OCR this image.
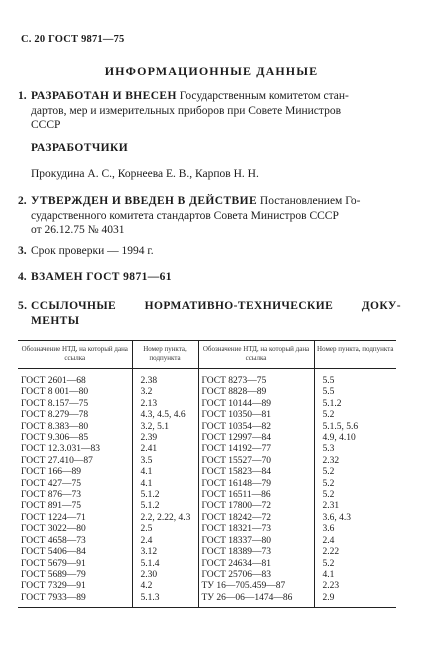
С. 20 ГОСТ 9871—75
ИНФОРМАЦИОННЫЕ ДАННЫЕ
1. РАЗРАБОТАН И ВНЕСЕН Государственным комитетом стан-
дартов, мер и измерительных приборов при Совете Министров
СССР
РАЗРАБОТЧИКИ
Прокудина А. С., Корнеева Е. В., Карпов Н. Н.
2. УТВЕРЖДЕН И ВВЕДЕН В ДЕЙСТВИЕ Постановлением Го-
сударственного комитета стандартов Совета Министров СССР
от 26.12.75 № 4031
3. Срок проверки — 1994 г.
4. ВЗАМЕН ГОСТ 9871—61
5. ССЫЛОЧНЫЕ НОРМАТИВНО-ТЕХНИЧЕСКИЕ ДОКУ-
МЕНТЫ
Обозначение НТД, на который дана ссылка	Номер пункта, подпункта	Обозначение НТД, на который дана ссылка	Номер пункта, подпункта
ГОСТ 2601—68	2.38	ГОСТ 8273—75	5.5
ГОСТ 8 001—80	3.2	ГОСТ 8828—89	5.5
ГОСТ 8.157—75	2.13	ГОСТ 10144—89	5.1.2
ГОСТ 8.279—78	4.3, 4.5, 4.6	ГОСТ 10350—81	5.2
ГОСТ 8.383—80	3.2, 5.1	ГОСТ 10354—82	5.1.5, 5.6
ГОСТ 9.306—85	2.39	ГОСТ 12997—84	4.9, 4.10
ГОСТ 12.3.031—83	2.41	ГОСТ 14192—77	5.3
ГОСТ 27.410—87	3.5	ГОСТ 15527—70	2.32
ГОСТ 166—89	4.1	ГОСТ 15823—84	5.2
ГОСТ 427—75	4.1	ГОСТ 16148—79	5.2
ГОСТ 876—73	5.1.2	ГОСТ 16511—86	5.2
ГОСТ 891—75	5.1.2	ГОСТ 17800—72	2.31
ГОСТ 1224—71	2.2, 2.22, 4.3	ГОСТ 18242—72	3.6, 4.3
ГОСТ 3022—80	2.5	ГОСТ 18321—73	3.6
ГОСТ 4658—73	2.4	ГОСТ 18337—80	2.4
ГОСТ 5406—84	3.12	ГОСТ 18389—73	2.22
ГОСТ 5679—91	5.1.4	ГОСТ 24634—81	5.2
ГОСТ 5689—79	2.30	ГОСТ 25706—83	4.1
ГОСТ 7329—91	4.2	ТУ 16—705.459—87	2.23
ГОСТ 7933—89	5.1.3	ТУ 26—06—1474—86	2.9
